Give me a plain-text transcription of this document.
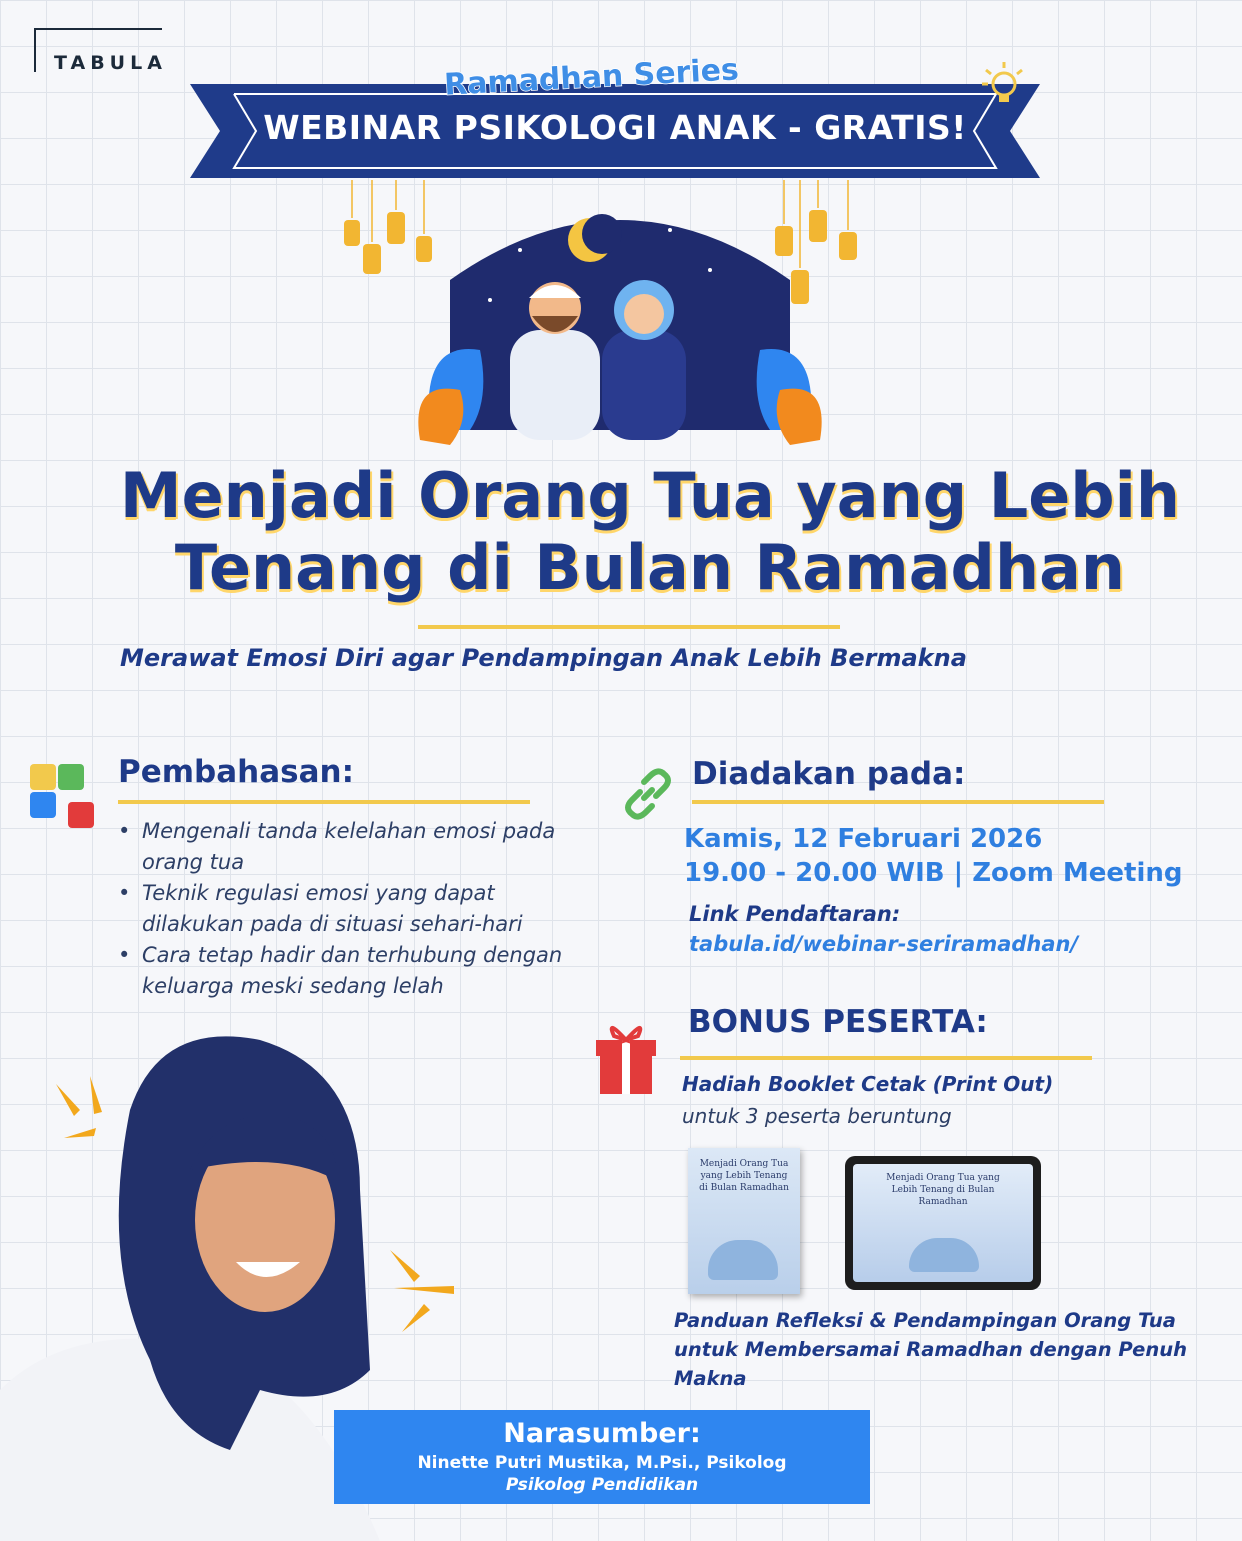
TABULA	Ramadhan Series
WEBINAR PSIKOLOGI ANAK - GRATIS!
Menjadi Orang Tua yang Lebih
Tenang di Bulan Ramadhan
Merawat Emosi Diri agar Pendampingan Anak Lebih Bermakna
Pembahasan:
• Mengenali tanda kelelahan emosi pada orang tua
• Teknik regulasi emosi yang dapat dilakukan pada di situasi sehari-hari
• Cara tetap hadir dan terhubung dengan keluarga meski sedang lelah
Diadakan pada:
Kamis, 12 Februari 2026
19.00 - 20.00 WIB | Zoom Meeting
Link Pendaftaran:
tabula.id/webinar-seriramadhan/
BONUS PESERTA:
Hadiah Booklet Cetak (Print Out)
untuk 3 peserta beruntung
Menjadi Orang Tua yang Lebih Tenang di Bulan Ramadhan
Menjadi Orang Tua yang Lebih Tenang di Bulan Ramadhan
Panduan Refleksi & Pendampingan Orang Tua untuk Membersamai Ramadhan dengan Penuh Makna
Narasumber:
Ninette Putri Mustika, M.Psi., Psikolog
Psikolog Pendidikan
